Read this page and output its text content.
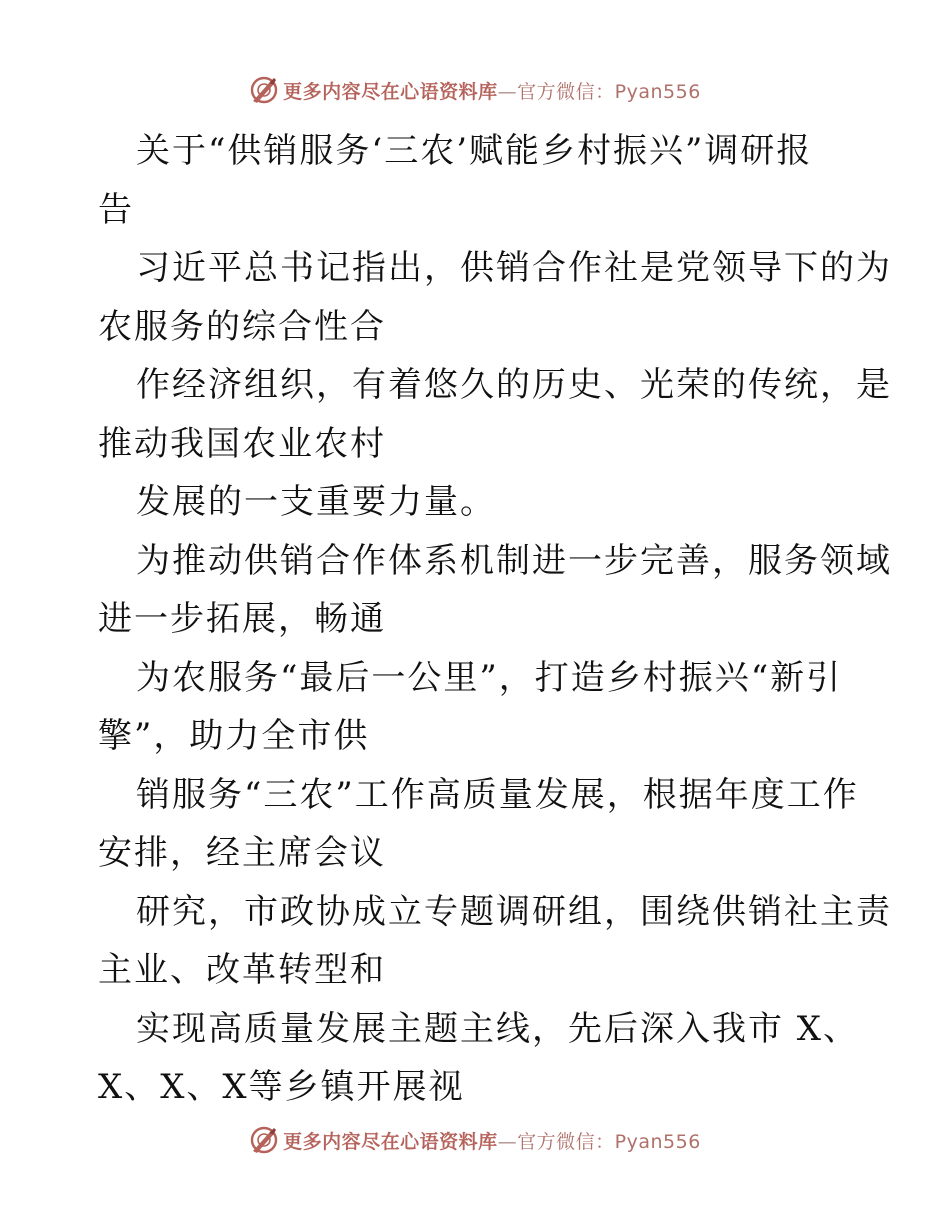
更多内容尽在心语资料库—官方微信：Pyan556
关于“供销服务‘三农’赋能乡村振兴”调研报
告
习近平总书记指出，供销合作社是党领导下的为
农服务的综合性合
作经济组织，有着悠久的历史、光荣的传统，是
推动我国农业农村
发展的一支重要力量。
为推动供销合作体系机制进一步完善，服务领域
进一步拓展，畅通
为农服务“最后一公里”，打造乡村振兴“新引
擎”，助力全市供
销服务“三农”工作高质量发展，根据年度工作
安排，经主席会议
研究，市政协成立专题调研组，围绕供销社主责
主业、改革转型和
实现高质量发展主题主线，先后深入我市 X、
X、X、X等乡镇开展视
更多内容尽在心语资料库—官方微信：Pyan556
